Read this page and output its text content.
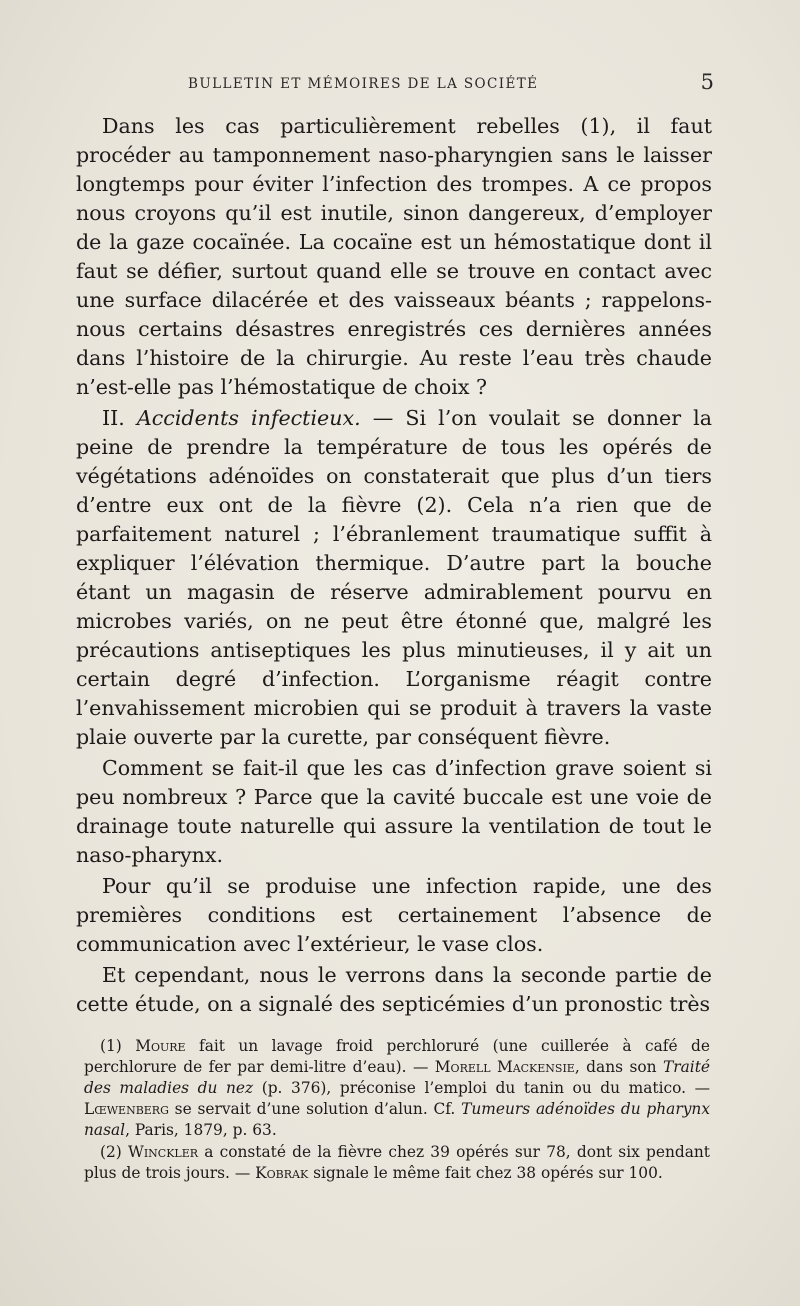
BULLETIN ET MÉMOIRES DE LA SOCIÉTÉ	5

Dans les cas particulièrement rebelles (1), il faut procéder au tamponnement naso-pharyngien sans le laisser longtemps pour éviter l’infection des trompes. A ce propos nous croyons qu’il est inutile, sinon dangereux, d’employer de la gaze cocaïnée. La cocaïne est un hémostatique dont il faut se défier, surtout quand elle se trouve en contact avec une surface dilacérée et des vaisseaux béants ; rappelons-nous certains désastres enregistrés ces dernières années dans l’histoire de la chirurgie. Au reste l’eau très chaude n’est-elle pas l’hémostatique de choix ?

II. Accidents infectieux. — Si l’on voulait se donner la peine de prendre la température de tous les opérés de végétations adénoïdes on constaterait que plus d’un tiers d’entre eux ont de la fièvre (2). Cela n’a rien que de parfaitement naturel ; l’ébranlement traumatique suffit à expliquer l’élévation thermique. D’autre part la bouche étant un magasin de réserve admirablement pourvu en microbes variés, on ne peut être étonné que, malgré les précautions antiseptiques les plus minutieuses, il y ait un certain degré d’infection. L’organisme réagit contre l’envahissement microbien qui se produit à travers la vaste plaie ouverte par la curette, par conséquent fièvre.

Comment se fait-il que les cas d’infection grave soient si peu nombreux ? Parce que la cavité buccale est une voie de drainage toute naturelle qui assure la ventilation de tout le naso-pharynx.

Pour qu’il se produise une infection rapide, une des premières conditions est certainement l’absence de communication avec l’extérieur, le vase clos.

Et cependant, nous le verrons dans la seconde partie de cette étude, on a signalé des septicémies d’un pronostic très

(1) Moure fait un lavage froid perchloruré (une cuillerée à café de perchlorure de fer par demi-litre d’eau). — Morell Mackensie, dans son Traité des maladies du nez (p. 376), préconise l’emploi du tanin ou du matico. — Lœwenberg se servait d’une solution d’alun. Cf. Tumeurs adénoïdes du pharynx nasal, Paris, 1879, p. 63.

(2) Winckler a constaté de la fièvre chez 39 opérés sur 78, dont six pendant plus de trois jours. — Kobrak signale le même fait chez 38 opérés sur 100.
